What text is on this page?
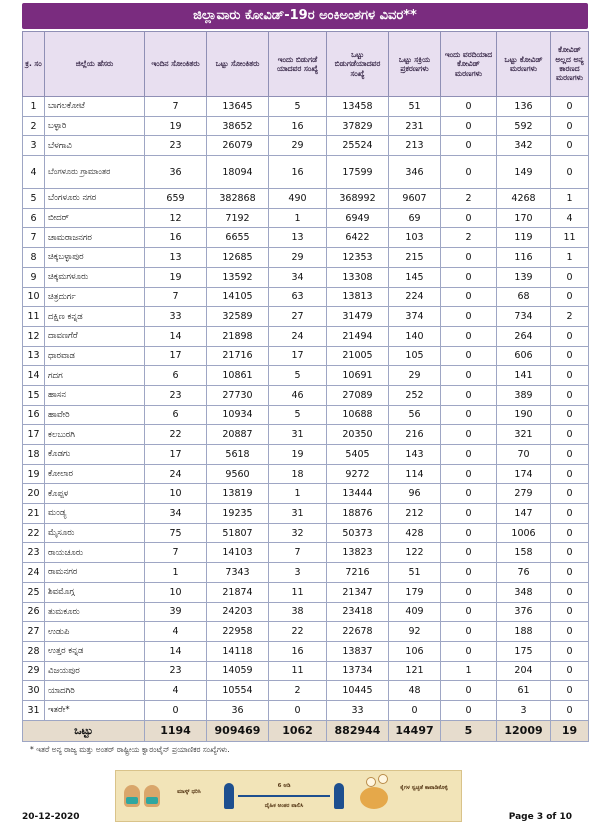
ಜಿಲ್ಲಾವಾರು ಕೋವಿಡ್-19ರ ಅಂಕಿಅಂಶಗಳ ವಿವರ**
ಕ್ರ. ಸಂ	ಜಿಲ್ಲೆಯ ಹೆಸರು	ಇಂದಿನ ಸೋಂಕಿತರು	ಒಟ್ಟು ಸೋಂಕಿತರು	ಇಂದು ಬಿಡುಗಡೆ ಯಾದವರ ಸಂಖ್ಯೆ	ಒಟ್ಟು ಬಿಡುಗಡೆಯಾದವರ ಸಂಖ್ಯೆ	ಒಟ್ಟು ಸಕ್ರಿಯ ಪ್ರಕರಣಗಳು	ಇಂದು ವರದಿಯಾದ ಕೋವಿಡ್ ಮರಣಗಳು	ಒಟ್ಟು ಕೋವಿಡ್ ಮರಣಗಳು	ಕೋವಿಡ್ ಅಲ್ಲದ ಅನ್ಯ ಕಾರಣದ ಮರಣಗಳು
1	ಬಾಗಲಕೋಟೆ	7	13645	5	13458	51	0	136	0
2	ಬಳ್ಳಾರಿ	19	38652	16	37829	231	0	592	0
3	ಬೆಳಗಾವಿ	23	26079	29	25524	213	0	342	0
4	ಬೆಂಗಳೂರು ಗ್ರಾಮಾಂತರ	36	18094	16	17599	346	0	149	0
5	ಬೆಂಗಳೂರು ನಗರ	659	382868	490	368992	9607	2	4268	1
6	ಬೀದರ್	12	7192	1	6949	69	0	170	4
7	ಚಾಮರಾಜನಗರ	16	6655	13	6422	103	2	119	11
8	ಚಿಕ್ಕಬಳ್ಳಾಪುರ	13	12685	29	12353	215	0	116	1
9	ಚಿಕ್ಕಮಗಳೂರು	19	13592	34	13308	145	0	139	0
10	ಚಿತ್ರದುರ್ಗ	7	14105	63	13813	224	0	68	0
11	ದಕ್ಷಿಣ ಕನ್ನಡ	33	32589	27	31479	374	0	734	2
12	ದಾವಣಗೆರೆ	14	21898	24	21494	140	0	264	0
13	ಧಾರವಾಡ	17	21716	17	21005	105	0	606	0
14	ಗದಗ	6	10861	5	10691	29	0	141	0
15	ಹಾಸನ	23	27730	46	27089	252	0	389	0
16	ಹಾವೇರಿ	6	10934	5	10688	56	0	190	0
17	ಕಲಬುರಗಿ	22	20887	31	20350	216	0	321	0
18	ಕೊಡಗು	17	5618	19	5405	143	0	70	0
19	ಕೋಲಾರ	24	9560	18	9272	114	0	174	0
20	ಕೊಪ್ಪಳ	10	13819	1	13444	96	0	279	0
21	ಮಂಡ್ಯ	34	19235	31	18876	212	0	147	0
22	ಮೈಸೂರು	75	51807	32	50373	428	0	1006	0
23	ರಾಯಚೂರು	7	14103	7	13823	122	0	158	0
24	ರಾಮನಗರ	1	7343	3	7216	51	0	76	0
25	ಶಿವಮೊಗ್ಗ	10	21874	11	21347	179	0	348	0
26	ತುಮಕೂರು	39	24203	38	23418	409	0	376	0
27	ಉಡುಪಿ	4	22958	22	22678	92	0	188	0
28	ಉತ್ತರ ಕನ್ನಡ	14	14118	16	13837	106	0	175	0
29	ವಿಜಯಪುರ	23	14059	11	13734	121	1	204	0
30	ಯಾದಗಿರಿ	4	10554	2	10445	48	0	61	0
31	ಇತರೇ*	0	36	0	33	0	0	3	0
ಒಟ್ಟು		1194	909469	1062	882944	14497	5	12009	19
* ಇತರೆ ಅನ್ಯ ರಾಜ್ಯ ಮತ್ತು ಅಂತರ್ ರಾಷ್ಟ್ರೀಯ ಕ್ವಾರಂಟೈನ್ ಪ್ರಯಾಣಿಕರ ಸಂಖ್ಯೆಗಳು.
ಮಾಸ್ಕ್ ಧರಿಸಿ
6 ಅಡಿ
ದೈಹಿಕ ಅಂತರ ಪಾಲಿಸಿ
ಕೈಗಳ ಸ್ವಚ್ಛತೆ ಕಾಪಾಡಿಕೊಳ್ಳಿ
20-12-2020	Page 3 of 10
